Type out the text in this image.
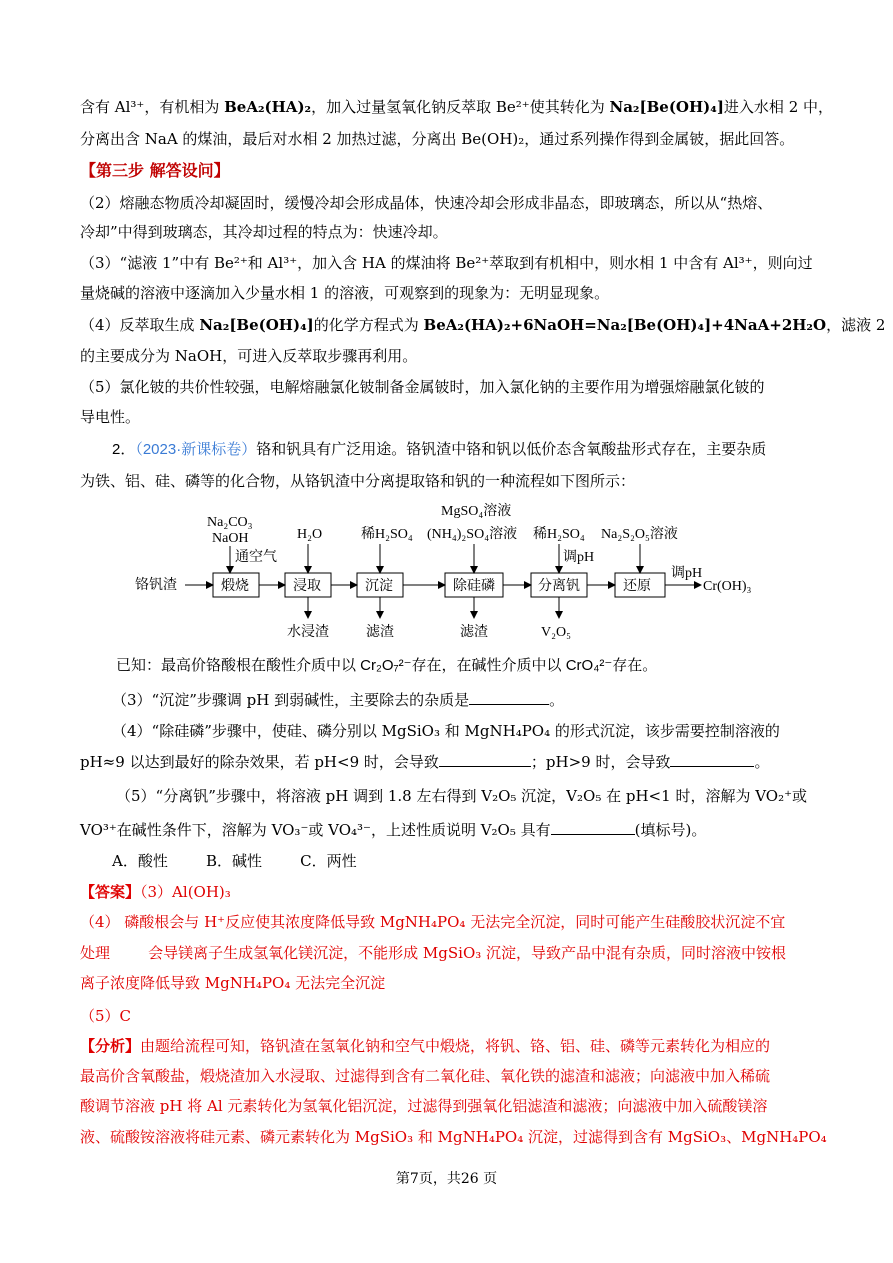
含有 Al³⁺，有机相为 BeA₂(HA)₂，加入过量氢氧化钠反萃取 Be²⁺使其转化为 Na₂[Be(OH)₄]进入水相 2 中，
分离出含 NaA 的煤油，最后对水相 2 加热过滤，分离出 Be(OH)₂，通过系列操作得到金属铍，据此回答。
【第三步 解答设问】
（2）熔融态物质冷却凝固时，缓慢冷却会形成晶体，快速冷却会形成非晶态，即玻璃态，所以从“热熔、
冷却”中得到玻璃态，其冷却过程的特点为：快速冷却。
（3）“滤液 1”中有 Be²⁺和 Al³⁺，加入含 HA 的煤油将 Be²⁺萃取到有机相中，则水相 1 中含有 Al³⁺，则向过
量烧碱的溶液中逐滴加入少量水相 1 的溶液，可观察到的现象为：无明显现象。
（4）反萃取生成 Na₂[Be(OH)₄]的化学方程式为 BeA₂(HA)₂+6NaOH=Na₂[Be(OH)₄]+4NaA+2H₂O，滤液 2
的主要成分为 NaOH，可进入反萃取步骤再利用。
（5）氯化铍的共价性较强，电解熔融氯化铍制备金属铍时，加入氯化钠的主要作用为增强熔融氯化铍的
导电性。
2．（2023·新课标卷）铬和钒具有广泛用途。铬钒渣中铬和钒以低价态含氧酸盐形式存在，主要杂质
为铁、铝、硅、磷等的化合物，从铬钒渣中分离提取铬和钒的一种流程如下图所示：
铬钒渣	煅烧	浸取	沉淀	除硅磷	分离钒	还原
调pH
Cr(OH)₃
Na₂CO₃
NaOH
通空气
H₂O	稀H₂SO₄
MgSO₄溶液
(NH₄)₂SO₄溶液 稀H₂SO₄
调pH
Na₂S₂O₅溶液
水浸渣	滤渣	滤渣	V₂O₅
已知：最高价铬酸根在酸性介质中以 Cr₂O₇²⁻存在，在碱性介质中以 CrO₄²⁻存在。
（3）“沉淀”步骤调 pH 到弱碱性，主要除去的杂质是	。
（4）“除硅磷”步骤中，使硅、磷分别以 MgSiO₃ 和 MgNH₄PO₄ 的形式沉淀，该步需要控制溶液的
pH≈9 以达到最好的除杂效果，若 pH<9 时，会导致	；pH>9 时，会导致	。
（5）“分离钒”步骤中，将溶液 pH 调到 1.8 左右得到 V₂O₅ 沉淀，V₂O₅ 在 pH<1 时，溶解为 VO₂⁺或
VO³⁺在碱性条件下，溶解为 VO₃⁻或 VO₄³⁻，上述性质说明 V₂O₅ 具有	(填标号)。
A．酸性        B．碱性        C．两性
【答案】（3）Al(OH)₃
（4） 磷酸根会与 H⁺反应使其浓度降低导致 MgNH₄PO₄ 无法完全沉淀，同时可能产生硅酸胶状沉淀不宜
处理        会导镁离子生成氢氧化镁沉淀，不能形成 MgSiO₃ 沉淀，导致产品中混有杂质，同时溶液中铵根
离子浓度降低导致 MgNH₄PO₄ 无法完全沉淀
（5）C
【分析】由题给流程可知，铬钒渣在氢氧化钠和空气中煅烧，将钒、铬、铝、硅、磷等元素转化为相应的
最高价含氧酸盐，煅烧渣加入水浸取、过滤得到含有二氧化硅、氧化铁的滤渣和滤液；向滤液中加入稀硫
酸调节溶液 pH 将 Al 元素转化为氢氧化铝沉淀，过滤得到强氧化铝滤渣和滤液；向滤液中加入硫酸镁溶
液、硫酸铵溶液将硅元素、磷元素转化为 MgSiO₃ 和 MgNH₄PO₄ 沉淀，过滤得到含有 MgSiO₃、MgNH₄PO₄
第7页，共26 页
